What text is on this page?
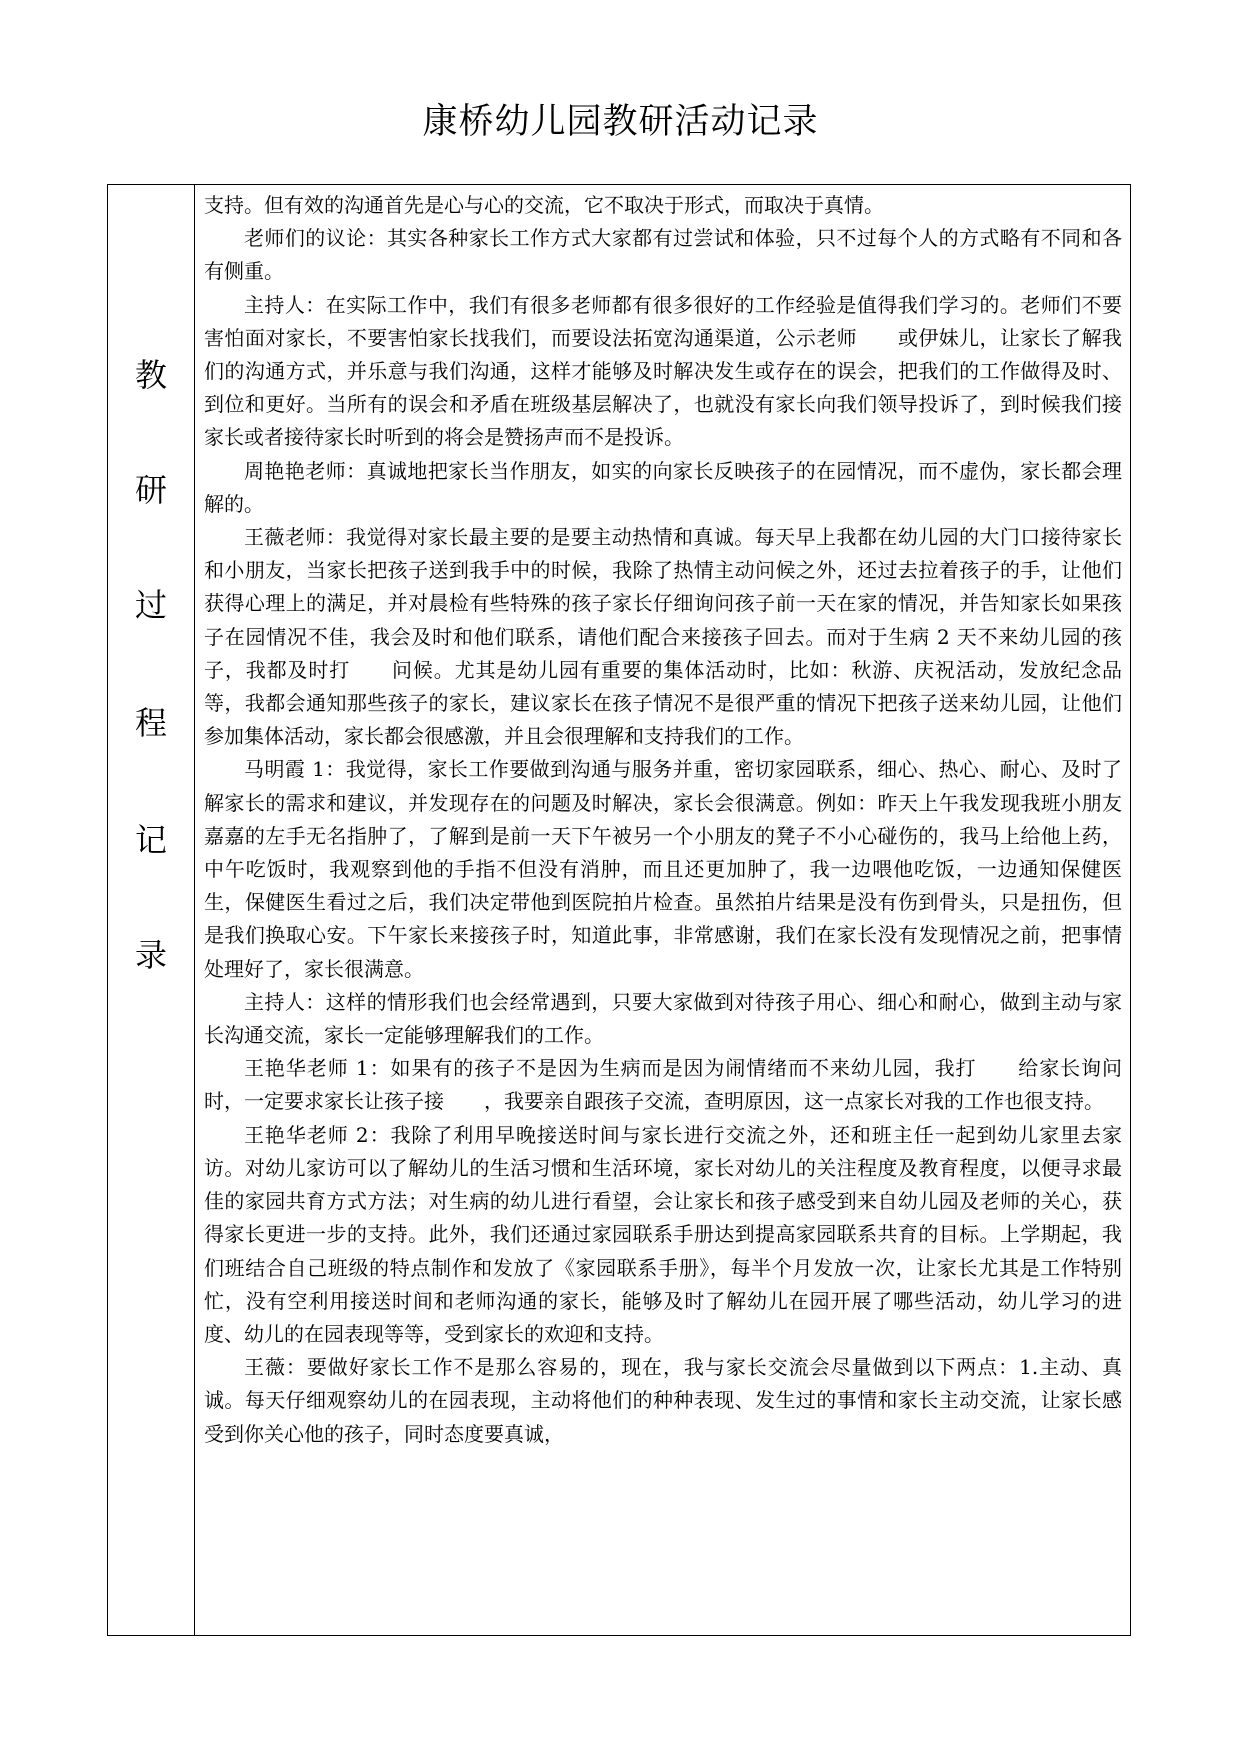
康桥幼儿园教研活动记录
教
研
过
程
记
录

支持。但有效的沟通首先是心与心的交流，它不取决于形式，而取决于真情。

老师们的议论：其实各种家长工作方式大家都有过尝试和体验，只不过每个人的方式略有不同和各有侧重。

主持人：在实际工作中，我们有很多老师都有很多很好的工作经验是值得我们学习的。老师们不要害怕面对家长，不要害怕家长找我们，而要设法拓宽沟通渠道，公示老师　　或伊妹儿，让家长了解我们的沟通方式，并乐意与我们沟通，这样才能够及时解决发生或存在的误会，把我们的工作做得及时、到位和更好。当所有的误会和矛盾在班级基层解决了，也就没有家长向我们领导投诉了，到时候我们接家长或者接待家长时听到的将会是赞扬声而不是投诉。

周艳艳老师：真诚地把家长当作朋友，如实的向家长反映孩子的在园情况，而不虚伪，家长都会理解的。

王薇老师：我觉得对家长最主要的是要主动热情和真诚。每天早上我都在幼儿园的大门口接待家长和小朋友，当家长把孩子送到我手中的时候，我除了热情主动问候之外，还过去拉着孩子的手，让他们获得心理上的满足，并对晨检有些特殊的孩子家长仔细询问孩子前一天在家的情况，并告知家长如果孩子在园情况不佳，我会及时和他们联系，请他们配合来接孩子回去。而对于生病 2 天不来幼儿园的孩子，我都及时打　　问候。尤其是幼儿园有重要的集体活动时，比如：秋游、庆祝活动，发放纪念品等，我都会通知那些孩子的家长，建议家长在孩子情况不是很严重的情况下把孩子送来幼儿园，让他们参加集体活动，家长都会很感激，并且会很理解和支持我们的工作。

马明霞 1：我觉得，家长工作要做到沟通与服务并重，密切家园联系，细心、热心、耐心、及时了解家长的需求和建议，并发现存在的问题及时解决，家长会很满意。例如：昨天上午我发现我班小朋友嘉嘉的左手无名指肿了，了解到是前一天下午被另一个小朋友的凳子不小心碰伤的，我马上给他上药，中午吃饭时，我观察到他的手指不但没有消肿，而且还更加肿了，我一边喂他吃饭，一边通知保健医生，保健医生看过之后，我们决定带他到医院拍片检查。虽然拍片结果是没有伤到骨头，只是扭伤，但是我们换取心安。下午家长来接孩子时，知道此事，非常感谢，我们在家长没有发现情况之前，把事情处理好了，家长很满意。

主持人：这样的情形我们也会经常遇到，只要大家做到对待孩子用心、细心和耐心，做到主动与家长沟通交流，家长一定能够理解我们的工作。

王艳华老师 1：如果有的孩子不是因为生病而是因为闹情绪而不来幼儿园，我打　　给家长询问时，一定要求家长让孩子接　　，我要亲自跟孩子交流，查明原因，这一点家长对我的工作也很支持。

王艳华老师 2：我除了利用早晚接送时间与家长进行交流之外，还和班主任一起到幼儿家里去家访。对幼儿家访可以了解幼儿的生活习惯和生活环境，家长对幼儿的关注程度及教育程度，以便寻求最佳的家园共育方式方法；对生病的幼儿进行看望，会让家长和孩子感受到来自幼儿园及老师的关心，获得家长更进一步的支持。此外，我们还通过家园联系手册达到提高家园联系共育的目标。上学期起，我们班结合自己班级的特点制作和发放了《家园联系手册》，每半个月发放一次，让家长尤其是工作特别忙，没有空利用接送时间和老师沟通的家长，能够及时了解幼儿在园开展了哪些活动，幼儿学习的进度、幼儿的在园表现等等，受到家长的欢迎和支持。

王薇：要做好家长工作不是那么容易的，现在，我与家长交流会尽量做到以下两点：1.主动、真诚。每天仔细观察幼儿的在园表现，主动将他们的种种表现、发生过的事情和家长主动交流，让家长感受到你关心他的孩子，同时态度要真诚，
